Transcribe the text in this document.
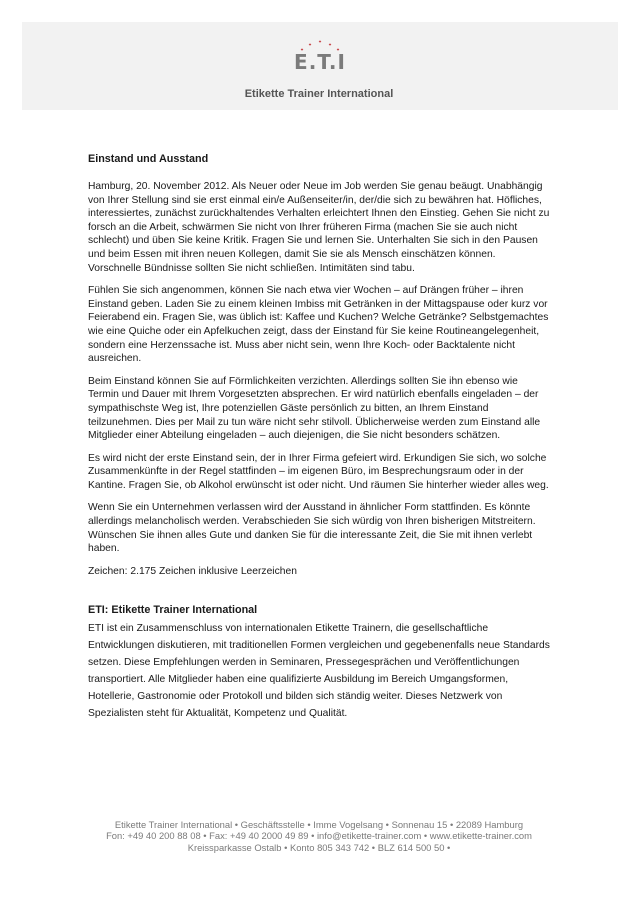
E.T.I
Etikette Trainer International
Einstand und Ausstand

Hamburg, 20. November 2012. Als Neuer oder Neue im Job werden Sie genau beäugt. Unabhängig von Ihrer Stellung sind sie erst einmal ein/e Außenseiter/in, der/die sich zu bewähren hat. Höfliches, interessiertes, zunächst zurückhaltendes Verhalten erleichtert Ihnen den Einstieg. Gehen Sie nicht zu forsch an die Arbeit, schwärmen Sie nicht von Ihrer früheren Firma (machen Sie sie auch nicht schlecht) und üben Sie keine Kritik. Fragen Sie und lernen Sie. Unterhalten Sie sich in den Pausen und beim Essen mit ihren neuen Kollegen, damit Sie sie als Mensch einschätzen können. Vorschnelle Bündnisse sollten Sie nicht schließen. Intimitäten sind tabu.

Fühlen Sie sich angenommen, können Sie nach etwa vier Wochen – auf Drängen früher – ihren Einstand geben. Laden Sie zu einem kleinen Imbiss mit Getränken in der Mittagspause oder kurz vor Feierabend ein. Fragen Sie, was üblich ist: Kaffee und Kuchen? Welche Getränke? Selbstgemachtes wie eine Quiche oder ein Apfelkuchen zeigt, dass der Einstand für Sie keine Routineangelegenheit, sondern eine Herzenssache ist. Muss aber nicht sein, wenn Ihre Koch- oder Backtalente nicht ausreichen.

Beim Einstand können Sie auf Förmlichkeiten verzichten. Allerdings sollten Sie ihn ebenso wie Termin und Dauer mit Ihrem Vorgesetzten absprechen. Er wird natürlich ebenfalls eingeladen – der sympathischste Weg ist, Ihre potenziellen Gäste persönlich zu bitten, an Ihrem Einstand teilzunehmen. Dies per Mail zu tun wäre nicht sehr stilvoll. Üblicherweise werden zum Einstand alle Mitglieder einer Abteilung eingeladen – auch diejenigen, die Sie nicht besonders schätzen.

Es wird nicht der erste Einstand sein, der in Ihrer Firma gefeiert wird. Erkundigen Sie sich, wo solche Zusammenkünfte in der Regel stattfinden – im eigenen Büro, im Besprechungsraum oder in der Kantine. Fragen Sie, ob Alkohol erwünscht ist oder nicht. Und räumen Sie hinterher wieder alles weg.

Wenn Sie ein Unternehmen verlassen wird der Ausstand in ähnlicher Form stattfinden. Es könnte allerdings melancholisch werden. Verabschieden Sie sich würdig von Ihren bisherigen Mitstreitern. Wünschen Sie ihnen alles Gute und danken Sie für die interessante Zeit, die Sie mit ihnen verlebt haben.

Zeichen: 2.175 Zeichen inklusive Leerzeichen

ETI: Etikette Trainer International

ETI ist ein Zusammenschluss von internationalen Etikette Trainern, die gesellschaftliche Entwicklungen diskutieren, mit traditionellen Formen vergleichen und gegebenenfalls neue Standards setzen. Diese Empfehlungen werden in Seminaren, Pressegesprächen und Veröffentlichungen transportiert. Alle Mitglieder haben eine qualifizierte Ausbildung im Bereich Umgangsformen, Hotellerie, Gastronomie oder Protokoll und bilden sich ständig weiter. Dieses Netzwerk von Spezialisten steht für Aktualität, Kompetenz und Qualität.

Etikette Trainer International • Geschäftsstelle • Imme Vogelsang • Sonnenau 15 • 22089 Hamburg
Fon: +49 40 200 88 08 • Fax: +49 40 2000 49 89 • info@etikette-trainer.com • www.etikette-trainer.com
Kreissparkasse Ostalb • Konto 805 343 742 • BLZ 614 500 50 •
